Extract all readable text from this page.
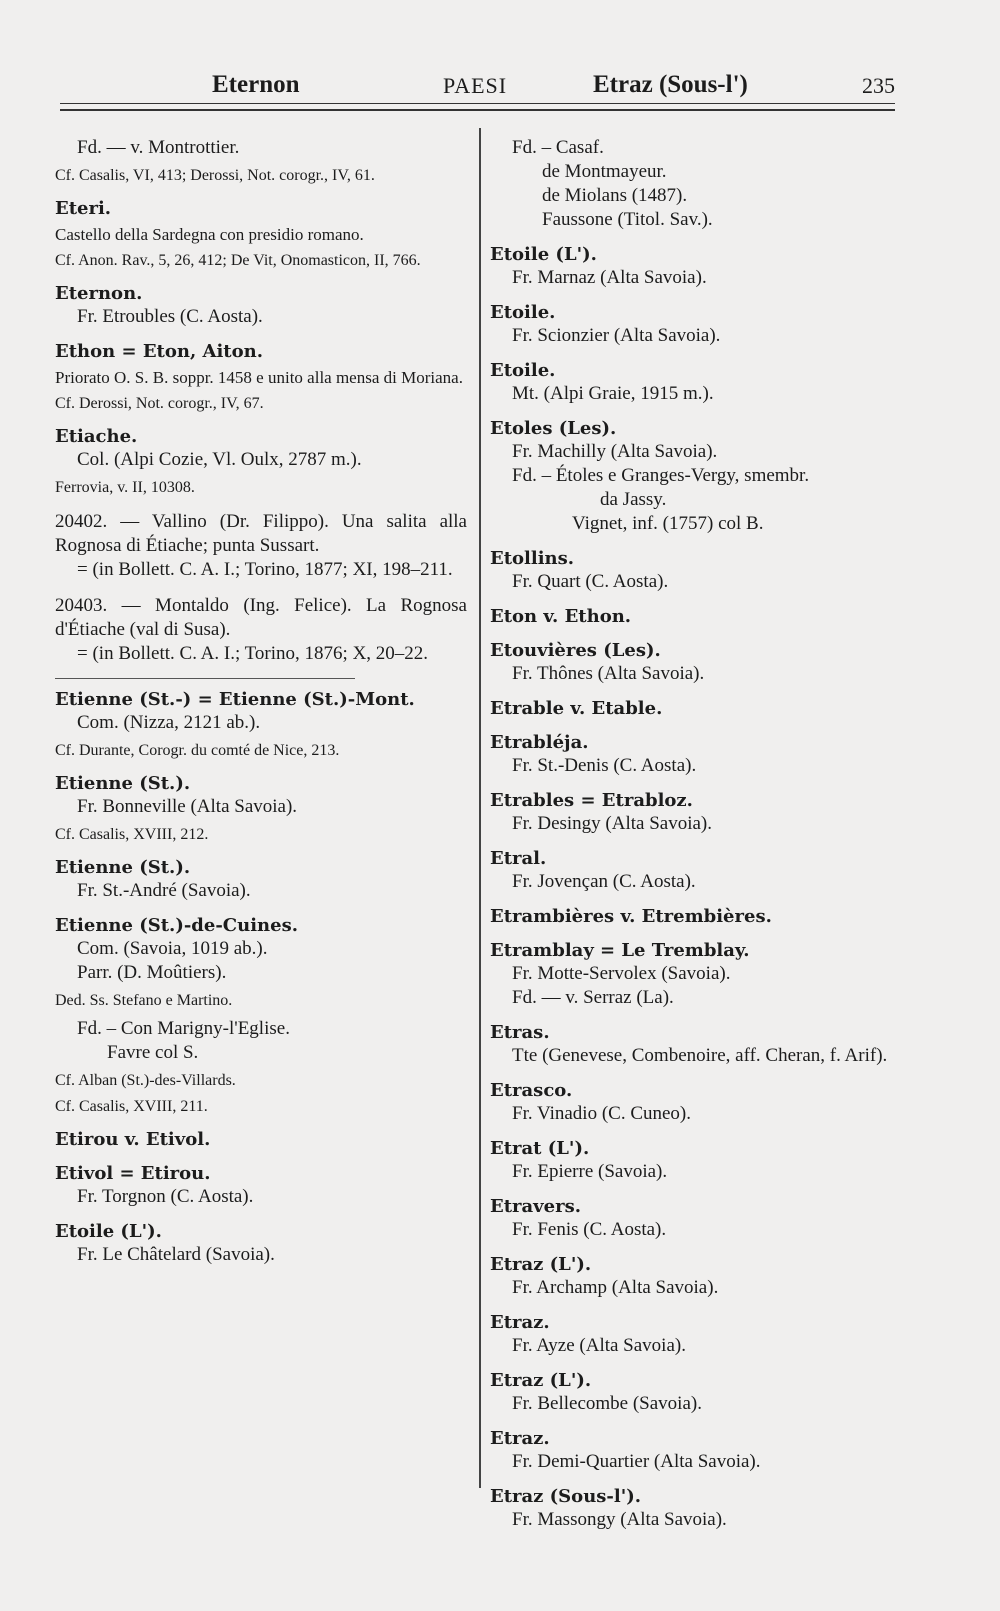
Eternon	PAESI	Etraz (Sous-l')	235
Fd. — v. Montrottier.
Cf. Casalis, VI, 413; Derossi, Not. corogr., IV, 61.
Eteri.
Castello della Sardegna con presidio romano.
Cf. Anon. Rav., 5, 26, 412; De Vit, Onomasticon, II, 766.
Eternon.
Fr. Etroubles (C. Aosta).
Ethon = Eton, Aiton.
Priorato O. S. B. soppr. 1458 e unito alla mensa di Moriana.
Cf. Derossi, Not. corogr., IV, 67.
Etiache.
Col. (Alpi Cozie, Vl. Oulx, 2787 m.).
Ferrovia, v. II, 10308.
20402. — Vallino (Dr. Filippo). Una salita alla Rognosa di Étiache; punta Sussart.
= (in Bollett. C. A. I.; Torino, 1877; XI, 198–211.
20403. — Montaldo (Ing. Felice). La Rognosa d'Étiache (val di Susa).
= (in Bollett. C. A. I.; Torino, 1876; X, 20–22.
Etienne (St.-) = Etienne (St.)-Mont.
Com. (Nizza, 2121 ab.).
Cf. Durante, Corogr. du comté de Nice, 213.
Etienne (St.).
Fr. Bonneville (Alta Savoia).
Cf. Casalis, XVIII, 212.
Etienne (St.).
Fr. St.-André (Savoia).
Etienne (St.)-de-Cuines.
Com. (Savoia, 1019 ab.).
Parr. (D. Moûtiers).
Ded. Ss. Stefano e Martino.
Fd. – Con Marigny-l'Eglise.
Favre col S.
Cf. Alban (St.)-des-Villards.
Cf. Casalis, XVIII, 211.
Etirou v. Etivol.
Etivol = Etirou.
Fr. Torgnon (C. Aosta).
Etoile (L').
Fr. Le Châtelard (Savoia).
Fd. – Casaf.
de Montmayeur.
de Miolans (1487).
Faussone (Titol. Sav.).
Etoile (L').
Fr. Marnaz (Alta Savoia).
Etoile.
Fr. Scionzier (Alta Savoia).
Etoile.
Mt. (Alpi Graie, 1915 m.).
Etoles (Les).
Fr. Machilly (Alta Savoia).
Fd. – Étoles e Granges-Vergy, smembr.
da Jassy.
Vignet, inf. (1757) col B.
Etollins.
Fr. Quart (C. Aosta).
Eton v. Ethon.
Etouvières (Les).
Fr. Thônes (Alta Savoia).
Etrable v. Etable.
Etrabléja.
Fr. St.-Denis (C. Aosta).
Etrables = Etrabloz.
Fr. Desingy (Alta Savoia).
Etral.
Fr. Jovençan (C. Aosta).
Etrambières v. Etrembières.
Etramblay = Le Tremblay.
Fr. Motte-Servolex (Savoia).
Fd. — v. Serraz (La).
Etras.
Tte (Genevese, Combenoire, aff. Cheran, f. Arif).
Etrasco.
Fr. Vinadio (C. Cuneo).
Etrat (L').
Fr. Epierre (Savoia).
Etravers.
Fr. Fenis (C. Aosta).
Etraz (L').
Fr. Archamp (Alta Savoia).
Etraz.
Fr. Ayze (Alta Savoia).
Etraz (L').
Fr. Bellecombe (Savoia).
Etraz.
Fr. Demi-Quartier (Alta Savoia).
Etraz (Sous-l').
Fr. Massongy (Alta Savoia).
